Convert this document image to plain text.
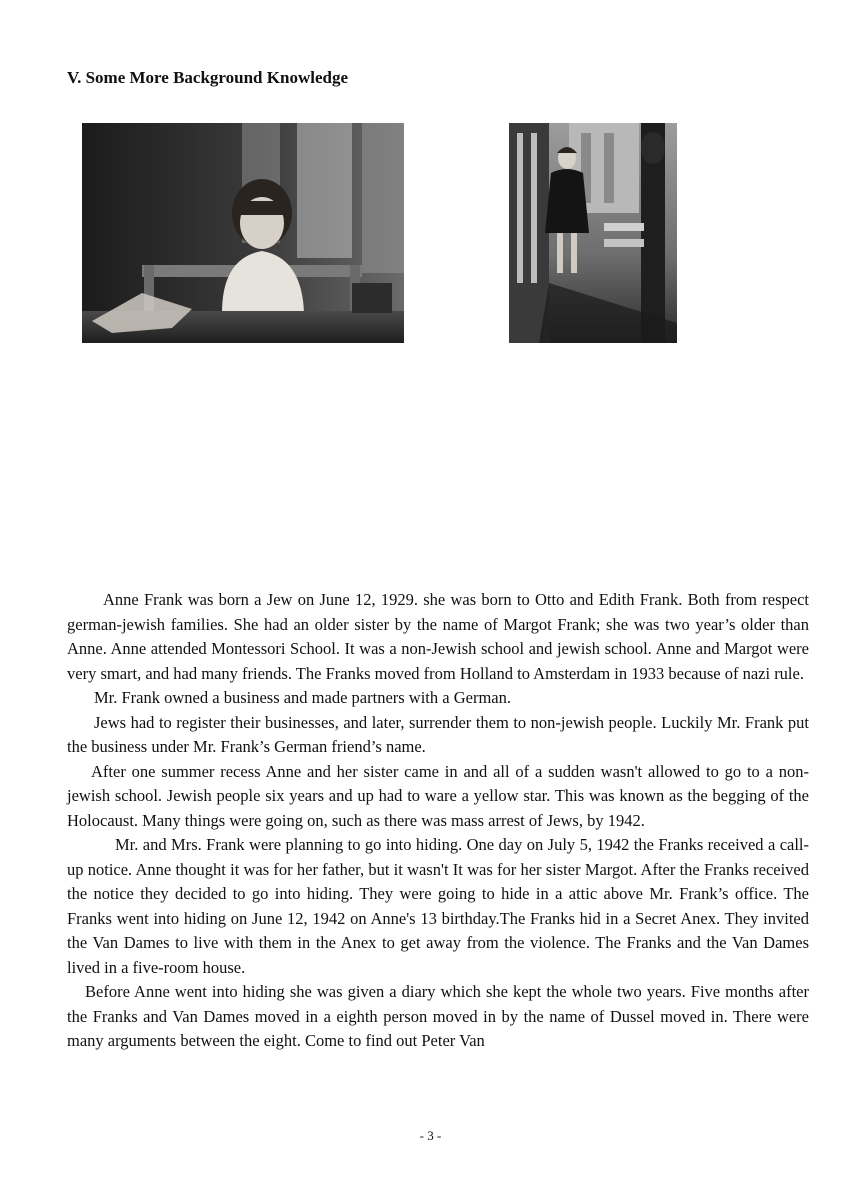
V. Some More Background Knowledge

Anne Frank was born a Jew on June 12, 1929. she was born to Otto and Edith Frank. Both from respect german-jewish families. She had an older sister by the name of Margot Frank; she was two year’s older than Anne. Anne attended Montessori School. It was a non-Jewish school and jewish school. Anne and Margot were very smart, and had many friends. The Franks moved from Holland to Amsterdam in 1933 because of nazi rule.

Mr. Frank owned a business and made partners with a German.

Jews had to register their businesses, and later, surrender them to non-jewish people. Luckily Mr. Frank put the business under Mr. Frank’s German friend’s name.

After one summer recess Anne and her sister came in and all of a sudden wasn't allowed to go to a non-jewish school. Jewish people six years and up had to ware a yellow star. This was known as the begging of the Holocaust. Many things were going on, such as there was mass arrest of Jews, by 1942.

Mr. and Mrs. Frank were planning to go into hiding. One day on July 5, 1942 the Franks received a call-up notice. Anne thought it was for her father, but it wasn't It was for her sister Margot. After the Franks received the notice they decided to go into hiding. They were going to hide in a attic above Mr. Frank’s office. The Franks went into hiding on June 12, 1942 on Anne's 13 birthday.The Franks hid in a Secret Anex. They invited the Van Dames to live with them in the Anex to get away from the violence. The Franks and the Van Dames lived in a five-room house.

Before Anne went into hiding she was given a diary which she kept the whole two years. Five months after the Franks and Van Dames moved in a eighth person moved in by the name of Dussel moved in. There were many arguments between the eight. Come to find out Peter Van

- 3 -
